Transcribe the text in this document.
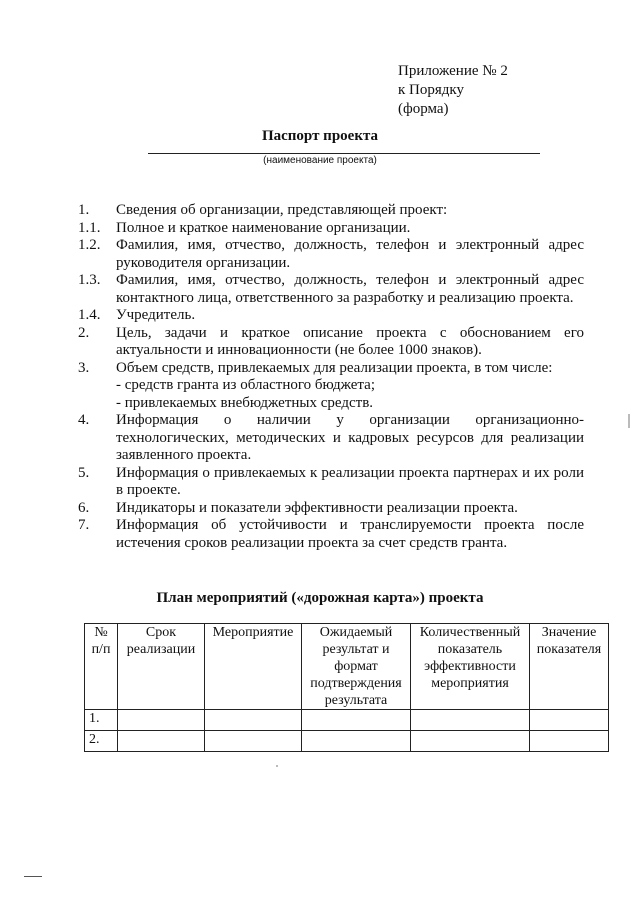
Приложение № 2
к Порядку
(форма)
Паспорт проекта
(наименование проекта)
1.	Сведения об организации, представляющей проект:
1.1.	Полное и краткое наименование организации.
1.2.	Фамилия, имя, отчество, должность, телефон и электронный адрес руководителя организации.
1.3.	Фамилия, имя, отчество, должность, телефон и электронный адрес контактного лица, ответственного за разработку и реализацию проекта.
1.4.	Учредитель.
2.	Цель, задачи и краткое описание проекта с обоснованием его актуальности и инновационности (не более 1000 знаков).
3.	Объем средств, привлекаемых для реализации проекта, в том числе:
- средств гранта из областного бюджета;
- привлекаемых внебюджетных средств.
4.	Информация о наличии у организации организационно-технологических, методических и кадровых ресурсов для реализации заявленного проекта.
5.	Информация о привлекаемых к реализации проекта партнерах и их роли в проекте.
6.	Индикаторы и показатели эффективности реализации проекта.
7.	Информация об устойчивости и транслируемости проекта после истечения сроков реализации проекта за счет средств гранта.
План мероприятий («дорожная карта») проекта
№ п/п	Срок реализации	Мероприятие	Ожидаемый результат и формат подтверждения результата	Количественный показатель эффективности мероприятия	Значение показателя
1.					
2.					
